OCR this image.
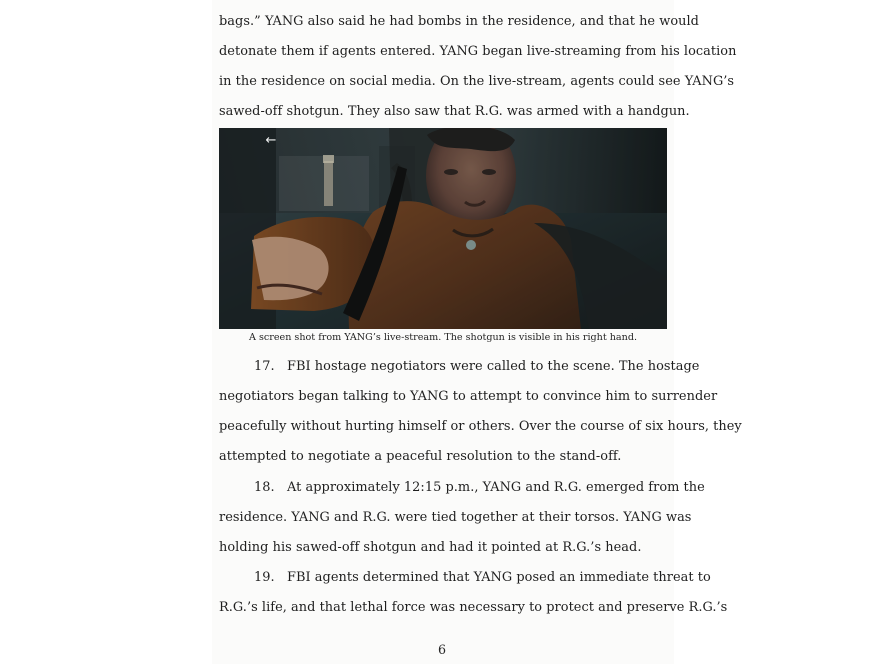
bags.” YANG also said he had bombs in the residence, and that he would
detonate them if agents entered. YANG began live-streaming from his location
in the residence on social media. On the live-stream, agents could see YANG’s
sawed-off shotgun. They also saw that R.G. was armed with a handgun.
←
A screen shot from YANG’s live-stream. The shotgun is visible in his right hand.
17. FBI hostage negotiators were called to the scene. The hostage
negotiators began talking to YANG to attempt to convince him to surrender
peacefully without hurting himself or others. Over the course of six hours, they
attempted to negotiate a peaceful resolution to the stand-off.
18. At approximately 12:15 p.m., YANG and R.G. emerged from the
residence. YANG and R.G. were tied together at their torsos. YANG was
holding his sawed-off shotgun and had it pointed at R.G.’s head.
19. FBI agents determined that YANG posed an immediate threat to
R.G.’s life, and that lethal force was necessary to protect and preserve R.G.’s
6
